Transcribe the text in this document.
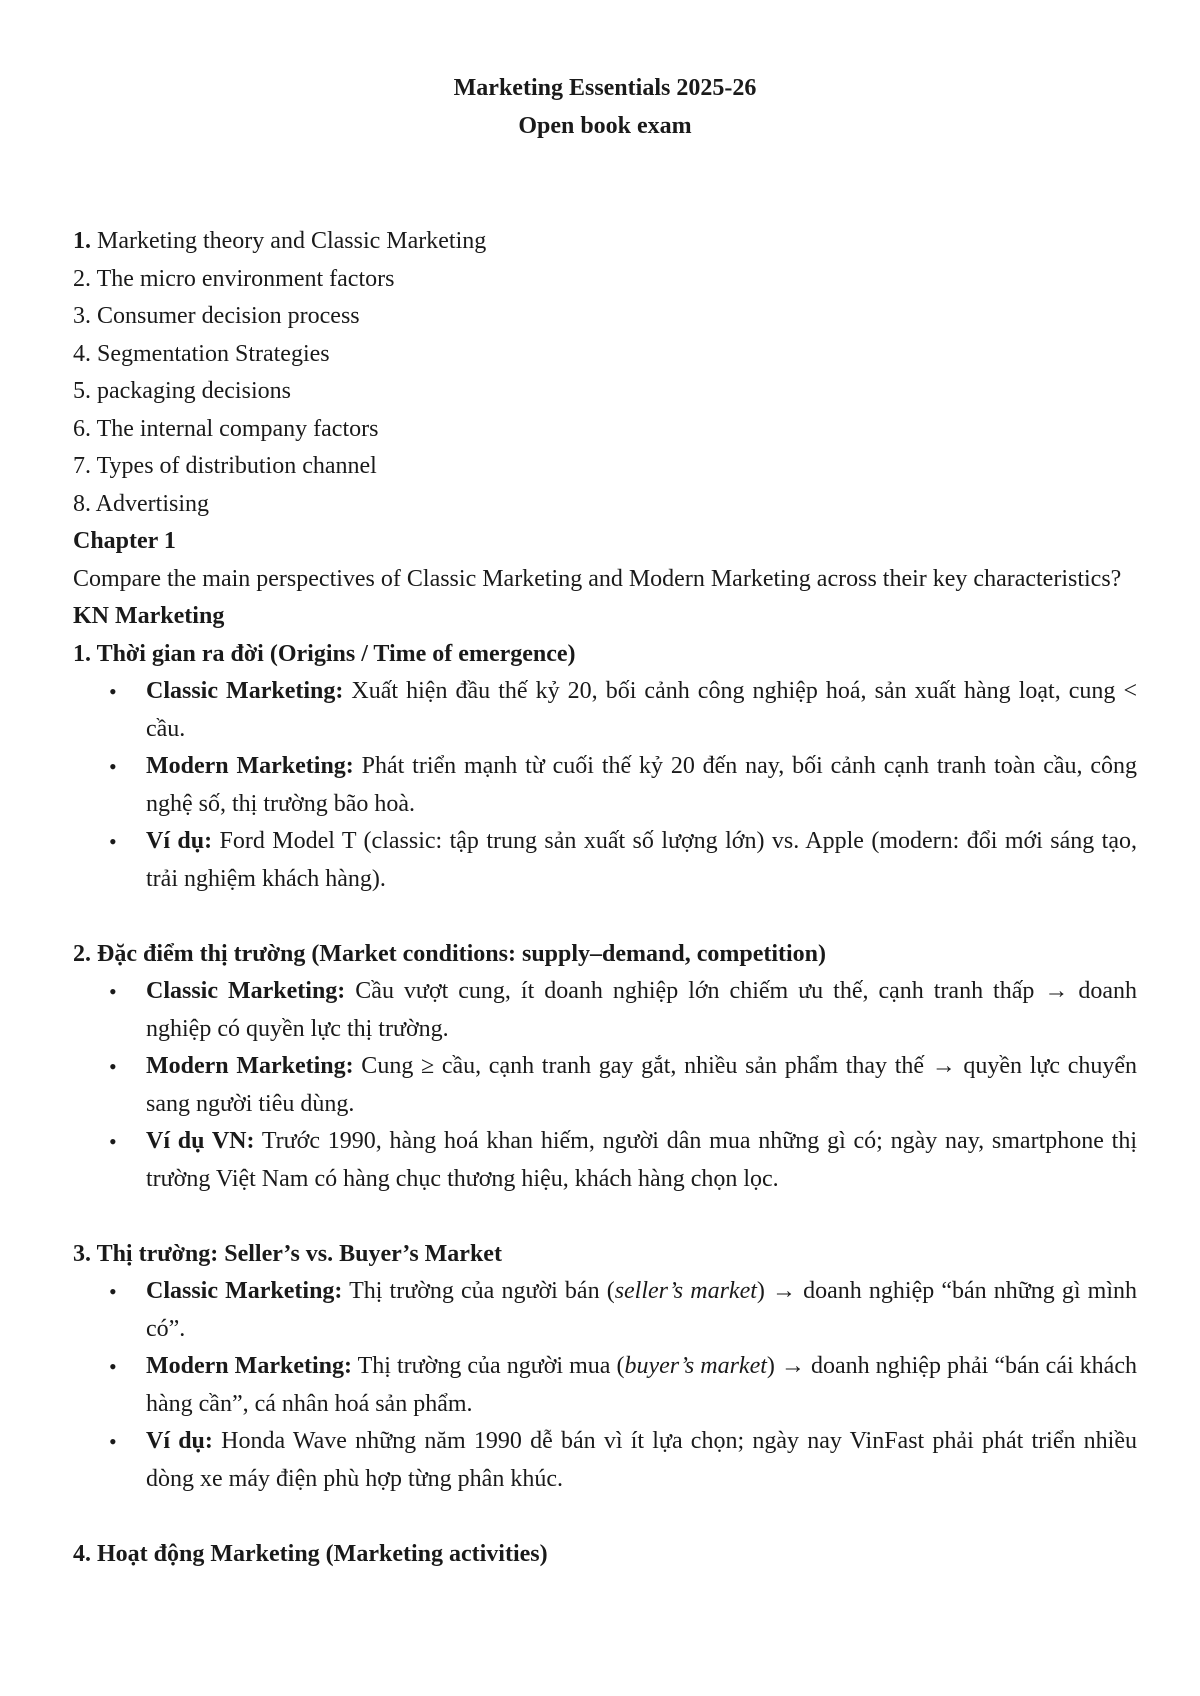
Marketing Essentials 2025-26
Open book exam
1. Marketing theory and Classic Marketing
2. The micro environment factors
3. Consumer decision process
4. Segmentation Strategies
5. packaging decisions
6. The internal company factors
7. Types of distribution channel
8. Advertising
Chapter 1
Compare the main perspectives of Classic Marketing and Modern Marketing across their key characteristics?
KN Marketing
1. Thời gian ra đời (Origins / Time of emergence)
• Classic Marketing: Xuất hiện đầu thế kỷ 20, bối cảnh công nghiệp hoá, sản xuất hàng loạt, cung < cầu.
• Modern Marketing: Phát triển mạnh từ cuối thế kỷ 20 đến nay, bối cảnh cạnh tranh toàn cầu, công nghệ số, thị trường bão hoà.
• Ví dụ: Ford Model T (classic: tập trung sản xuất số lượng lớn) vs. Apple (modern: đổi mới sáng tạo, trải nghiệm khách hàng).
2. Đặc điểm thị trường (Market conditions: supply–demand, competition)
• Classic Marketing: Cầu vượt cung, ít doanh nghiệp lớn chiếm ưu thế, cạnh tranh thấp → doanh nghiệp có quyền lực thị trường.
• Modern Marketing: Cung ≥ cầu, cạnh tranh gay gắt, nhiều sản phẩm thay thế → quyền lực chuyển sang người tiêu dùng.
• Ví dụ VN: Trước 1990, hàng hoá khan hiếm, người dân mua những gì có; ngày nay, smartphone thị trường Việt Nam có hàng chục thương hiệu, khách hàng chọn lọc.
3. Thị trường: Seller’s vs. Buyer’s Market
• Classic Marketing: Thị trường của người bán (seller’s market) → doanh nghiệp “bán những gì mình có”.
• Modern Marketing: Thị trường của người mua (buyer’s market) → doanh nghiệp phải “bán cái khách hàng cần”, cá nhân hoá sản phẩm.
• Ví dụ: Honda Wave những năm 1990 dễ bán vì ít lựa chọn; ngày nay VinFast phải phát triển nhiều dòng xe máy điện phù hợp từng phân khúc.
4. Hoạt động Marketing (Marketing activities)
